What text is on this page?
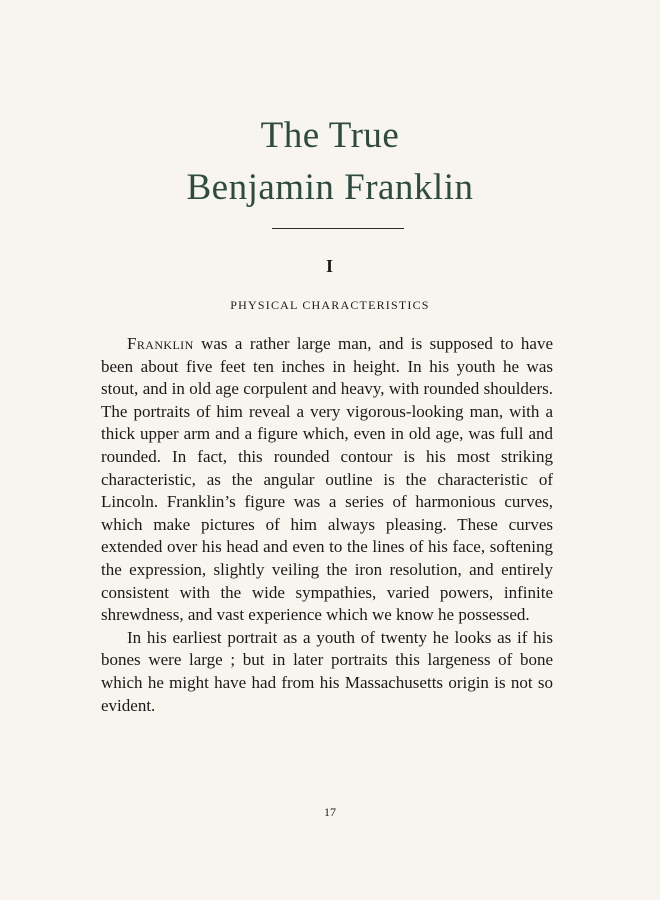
The True
Benjamin Franklin
I
PHYSICAL CHARACTERISTICS

Franklin was a rather large man, and is supposed to have been about five feet ten inches in height. In his youth he was stout, and in old age corpulent and heavy, with rounded shoulders. The portraits of him reveal a very vigorous-looking man, with a thick upper arm and a figure which, even in old age, was full and rounded. In fact, this rounded contour is his most striking characteristic, as the angular outline is the characteristic of Lincoln. Franklin’s figure was a series of harmonious curves, which make pictures of him always pleasing. These curves extended over his head and even to the lines of his face, softening the expression, slightly veiling the iron resolution, and entirely consistent with the wide sympathies, varied powers, infinite shrewdness, and vast experience which we know he possessed.

In his earliest portrait as a youth of twenty he looks as if his bones were large ; but in later portraits this largeness of bone which he might have had from his Massachusetts origin is not so evident.

17
